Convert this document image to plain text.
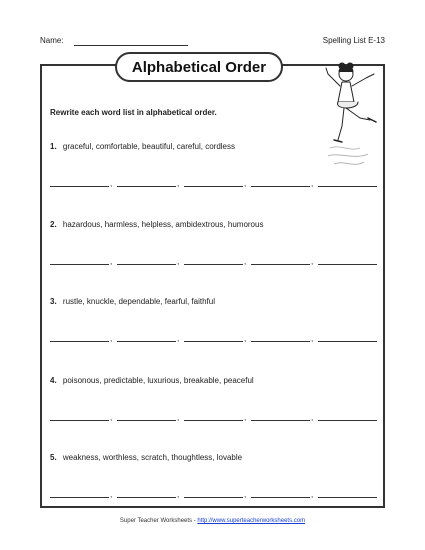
Name:	Spelling List E-13
Alphabetical Order
Rewrite each word list in alphabetical order.
1. graceful, comfortable, beautiful, careful, cordless
,	,	,	,
2. hazardous, harmless, helpless, ambidextrous, humorous
,	,	,	,
3. rustle, knuckle, dependable, fearful, faithful
,	,	,	,
4. poisonous, predictable, luxurious, breakable, peaceful
,	,	,	,
5. weakness, worthless, scratch, thoughtless, lovable
,	,	,	,
Super Teacher Worksheets - http://www.superteacherworksheets.com
